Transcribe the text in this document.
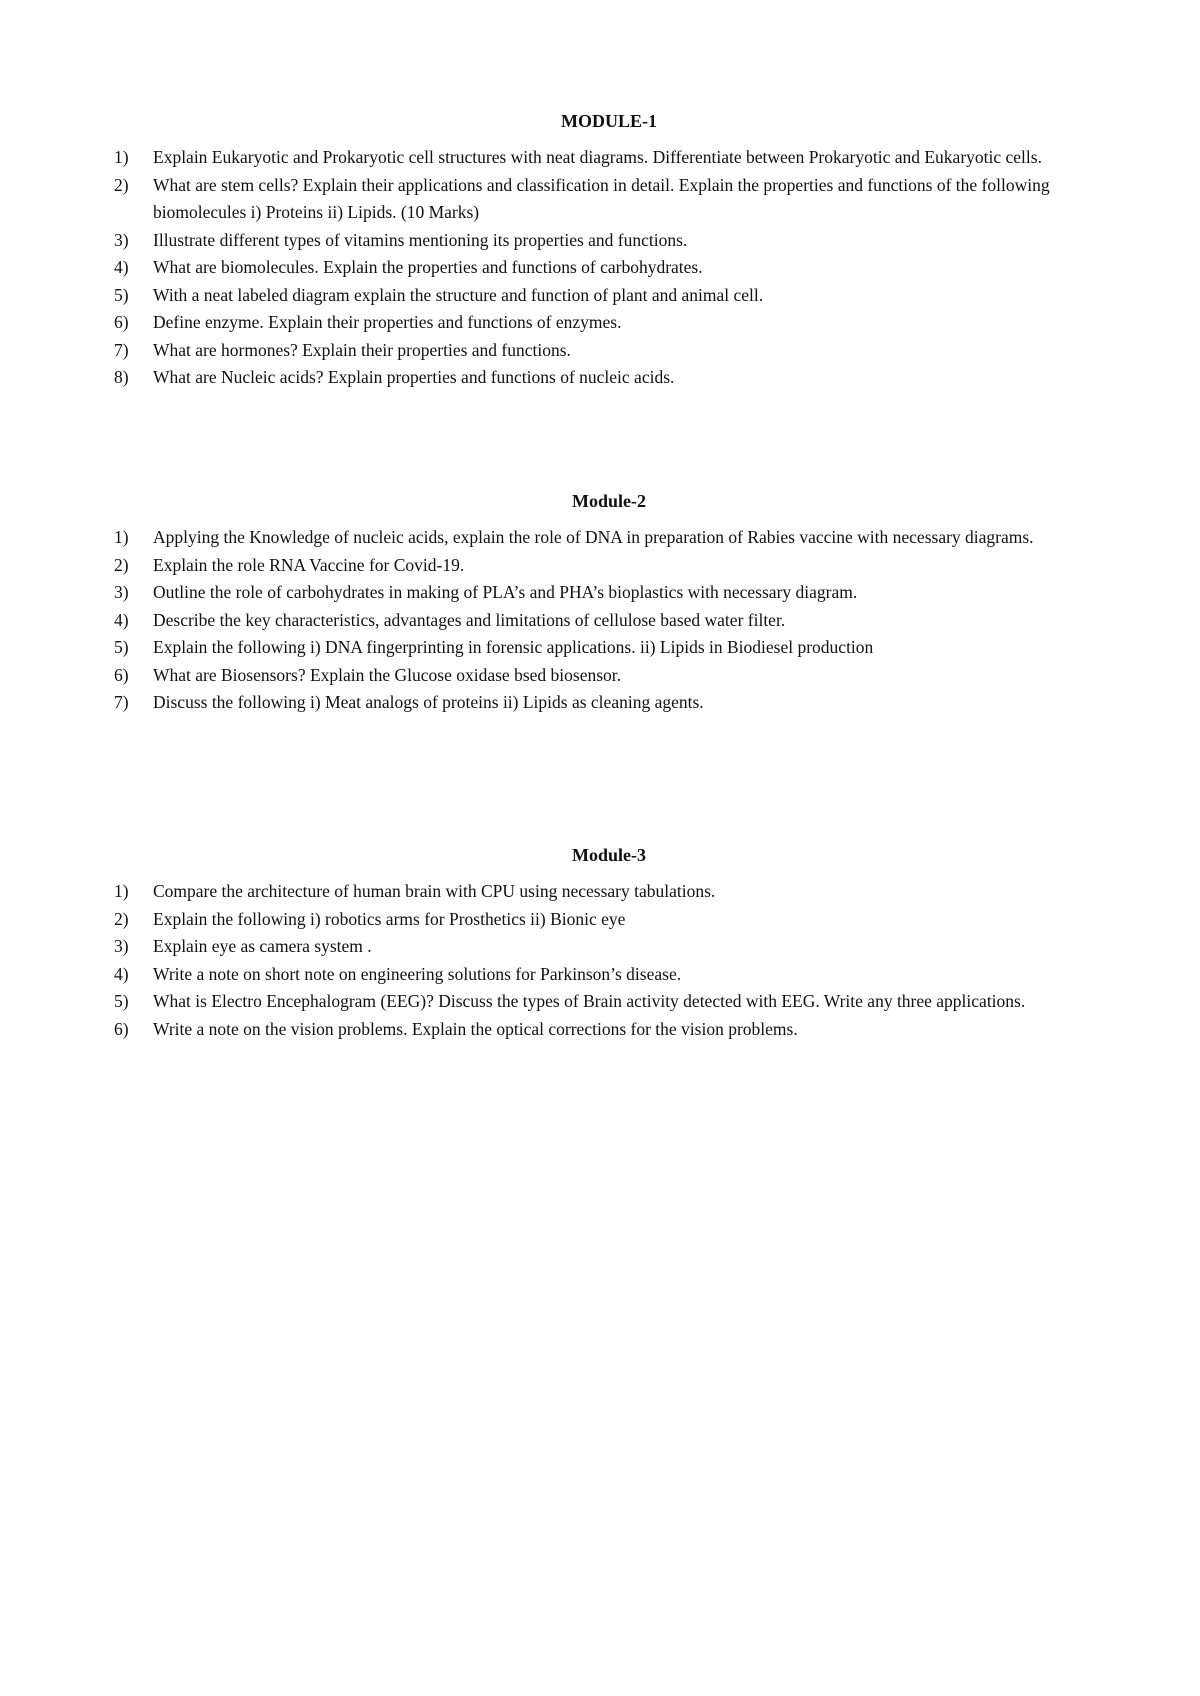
MODULE-1
1) Explain Eukaryotic and Prokaryotic cell structures with neat diagrams. Differentiate between Prokaryotic and Eukaryotic cells.
2) What are stem cells? Explain their applications and classification in detail. Explain the properties and functions of the following biomolecules i) Proteins ii) Lipids. (10 Marks)
3) Illustrate different types of vitamins mentioning its properties and functions.
4) What are biomolecules. Explain the properties and functions of carbohydrates.
5) With a neat labeled diagram explain the structure and function of plant and animal cell.
6) Define enzyme. Explain their properties and functions of enzymes.
7) What are hormones? Explain their properties and functions.
8) What are Nucleic acids? Explain properties and functions of nucleic acids.
Module-2
1) Applying the Knowledge of nucleic acids, explain the role of DNA in preparation of Rabies vaccine with necessary diagrams.
2) Explain the role RNA Vaccine for Covid-19.
3) Outline the role of carbohydrates in making of PLA’s and PHA’s bioplastics with necessary diagram.
4) Describe the key characteristics, advantages and limitations of cellulose based water filter.
5) Explain the following i) DNA fingerprinting in forensic applications. ii) Lipids in Biodiesel production
6) What are Biosensors? Explain the Glucose oxidase bsed biosensor.
7) Discuss the following i) Meat analogs of proteins ii) Lipids as cleaning agents.
Module-3
1) Compare the architecture of human brain with CPU using necessary tabulations.
2) Explain the following i) robotics arms for Prosthetics ii) Bionic eye
3) Explain eye as camera system .
4) Write a note on short note on engineering solutions for Parkinson’s disease.
5) What is Electro Encephalogram (EEG)? Discuss the types of Brain activity detected with EEG. Write any three applications.
6) Write a note on the vision problems. Explain the optical corrections for the vision problems.
